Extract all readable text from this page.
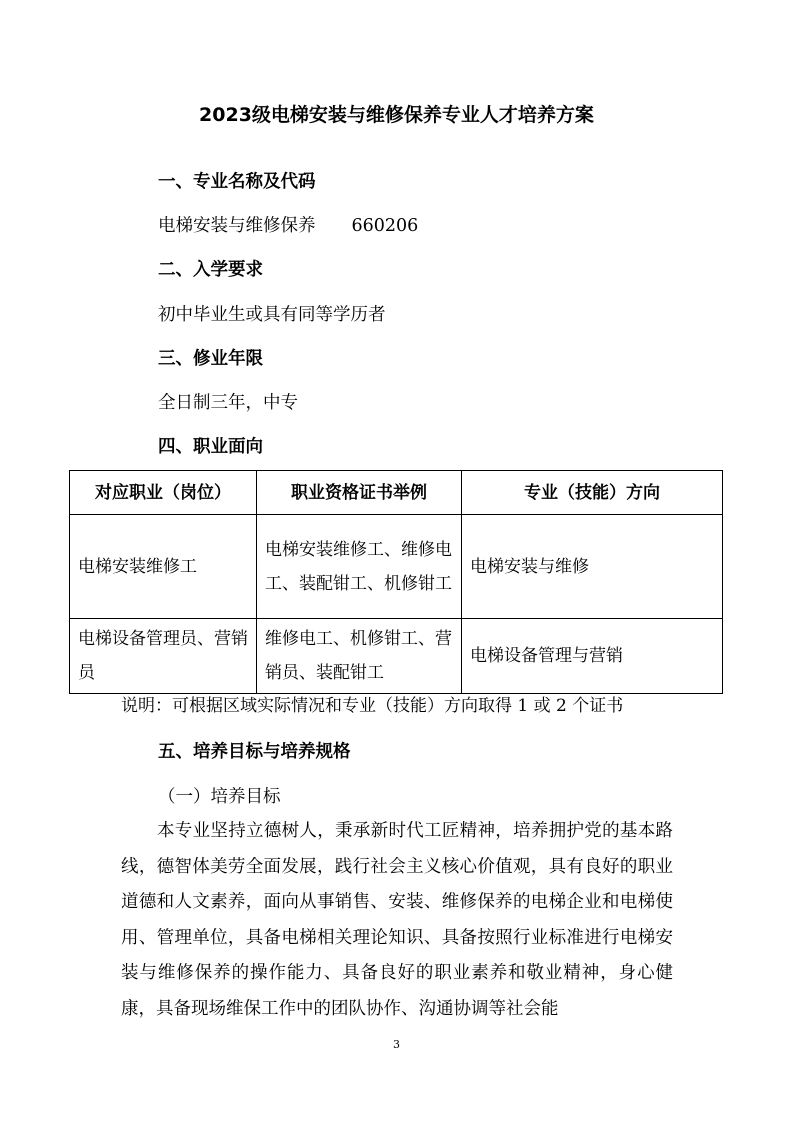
2023级电梯安装与维修保养专业人才培养方案
一、专业名称及代码

电梯安装与维修保养 660206

二、入学要求

初中毕业生或具有同等学历者

三、修业年限

全日制三年，中专

四、职业面向
对应职业（岗位）	职业资格证书举例	专业（技能）方向
电梯安装维修工	电梯安装维修工、维修电工、装配钳工、机修钳工	电梯安装与维修
电梯设备管理员、营销员	维修电工、机修钳工、营销员、装配钳工	电梯设备管理与营销

说明：可根据区域实际情况和专业（技能）方向取得 1 或 2 个证书

五、培养目标与培养规格

（一）培养目标

本专业坚持立德树人，秉承新时代工匠精神，培养拥护党的基本路线，德智体美劳全面发展，践行社会主义核心价值观，具有良好的职业道德和人文素养，面向从事销售、安装、维修保养的电梯企业和电梯使用、管理单位，具备电梯相关理论知识、具备按照行业标准进行电梯安装与维修保养的操作能力、具备良好的职业素养和敬业精神，身心健康，具备现场维保工作中的团队协作、沟通协调等社会能

3
